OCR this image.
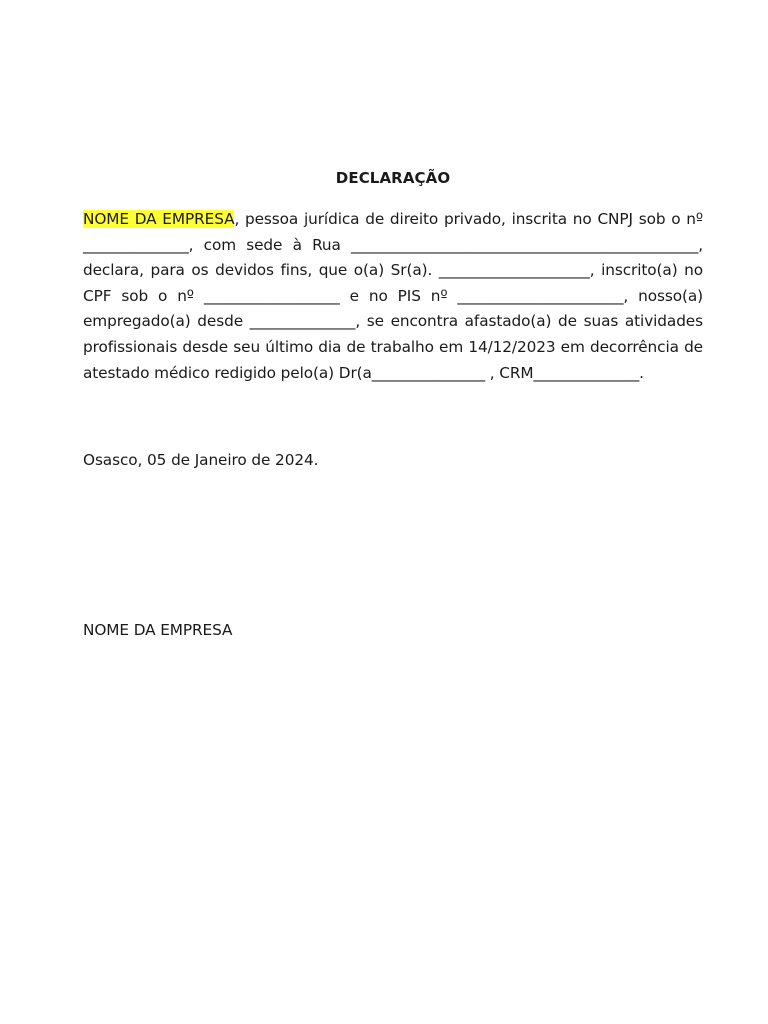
DECLARAÇÃO

NOME DA EMPRESA, pessoa jurídica de direito privado, inscrita no CNPJ sob o nº ______________, com sede à Rua ______________________________________________, declara, para os devidos fins, que o(a) Sr(a). ____________________, inscrito(a) no CPF sob o nº __________________ e no PIS nº ______________________, nosso(a) empregado(a) desde ______________, se encontra afastado(a) de suas atividades profissionais desde seu último dia de trabalho em 14/12/2023 em decorrência de atestado médico redigido pelo(a) Dr(a_______________ , CRM______________.

Osasco, 05 de Janeiro de 2024.
NOME DA EMPRESA
